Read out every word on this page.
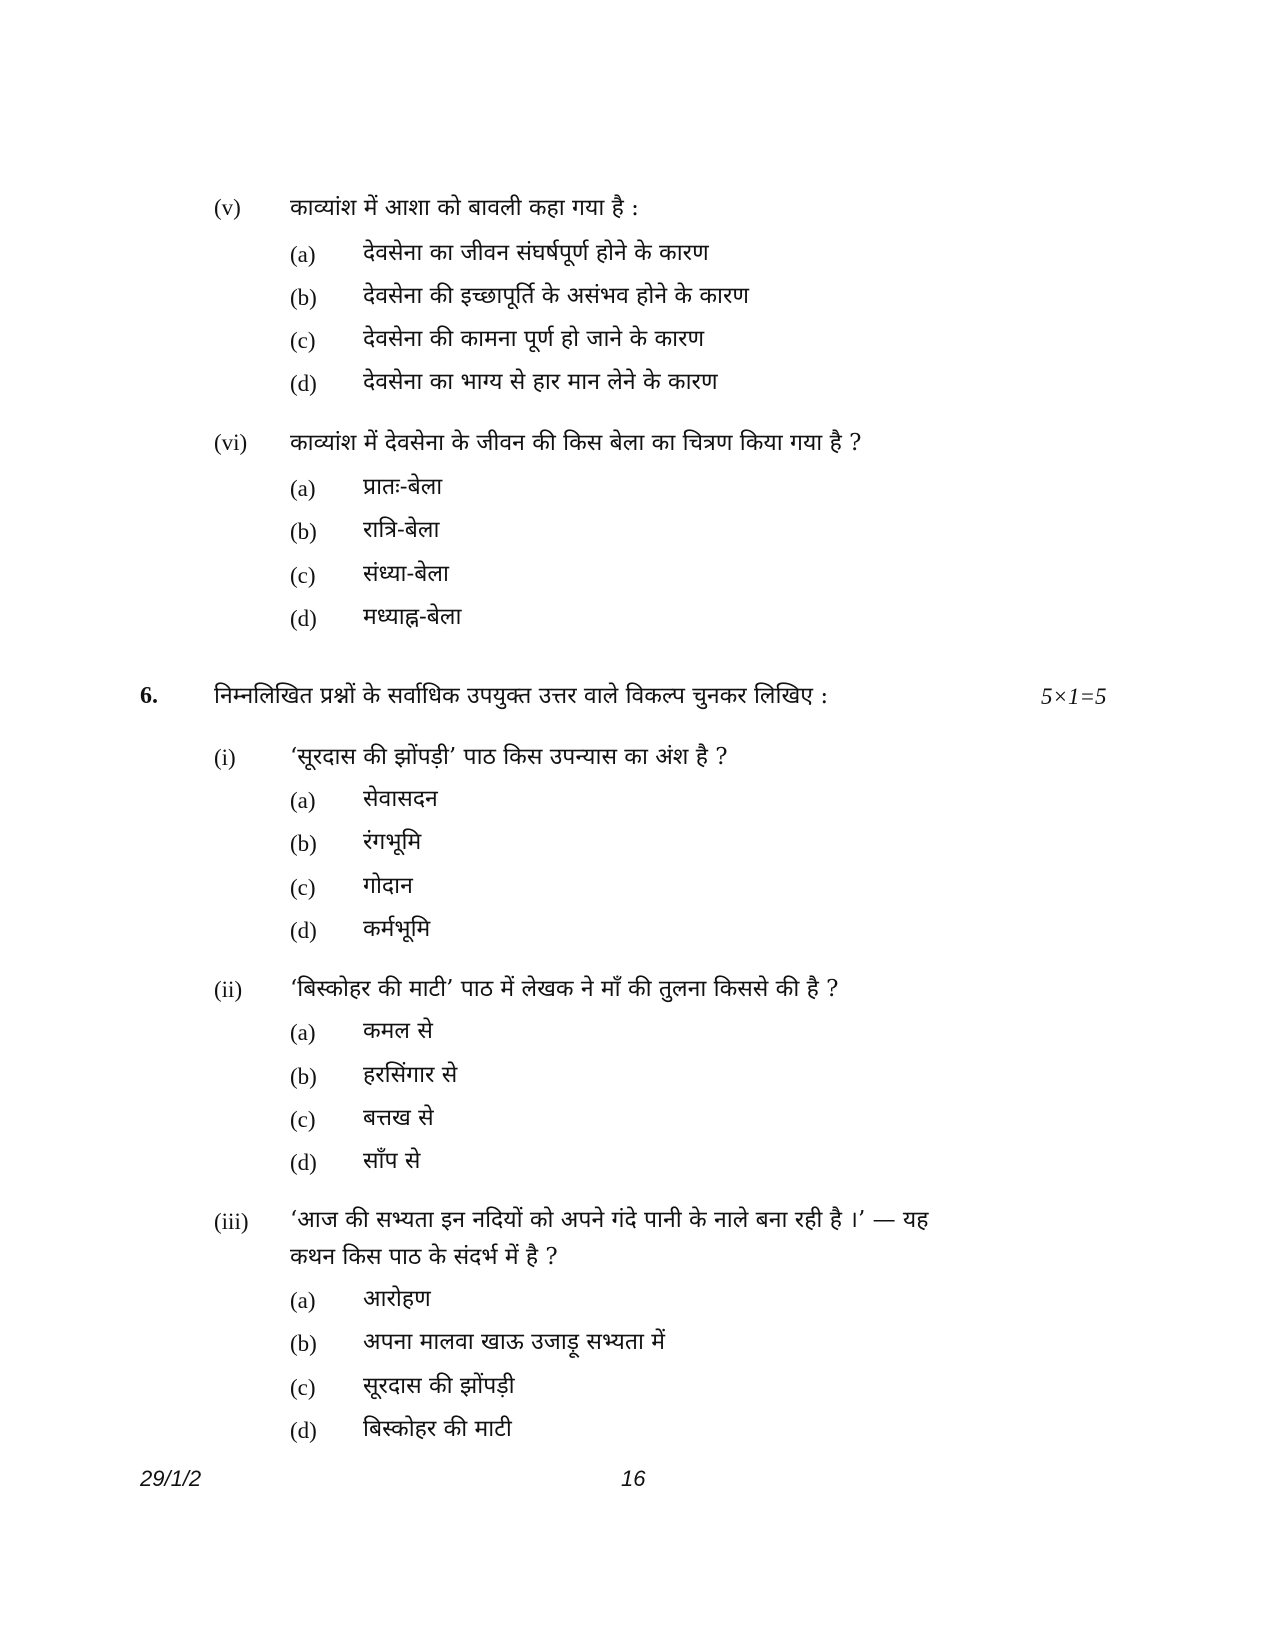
(v) काव्यांश में आशा को बावली कहा गया है :
(a) देवसेना का जीवन संघर्षपूर्ण होने के कारण
(b) देवसेना की इच्छापूर्ति के असंभव होने के कारण
(c) देवसेना की कामना पूर्ण हो जाने के कारण
(d) देवसेना का भाग्य से हार मान लेने के कारण
(vi) काव्यांश में देवसेना के जीवन की किस बेला का चित्रण किया गया है ?
(a) प्रातः-बेला
(b) रात्रि-बेला
(c) संध्या-बेला
(d) मध्याह्न-बेला
6. निम्नलिखित प्रश्नों के सर्वाधिक उपयुक्त उत्तर वाले विकल्प चुनकर लिखिए :	5×1=5
(i) ‘सूरदास की झोंपड़ी’ पाठ किस उपन्यास का अंश है ?
(a) सेवासदन
(b) रंगभूमि
(c) गोदान
(d) कर्मभूमि
(ii) ‘बिस्कोहर की माटी’ पाठ में लेखक ने माँ की तुलना किससे की है ?
(a) कमल से
(b) हरसिंगार से
(c) बत्तख से
(d) साँप से
(iii) ‘आज की सभ्यता इन नदियों को अपने गंदे पानी के नाले बना रही है ।’ — यह
कथन किस पाठ के संदर्भ में है ?
(a) आरोहण
(b) अपना मालवा खाऊ उजाड़ू सभ्यता में
(c) सूरदास की झोंपड़ी
(d) बिस्कोहर की माटी
29/1/2	16
